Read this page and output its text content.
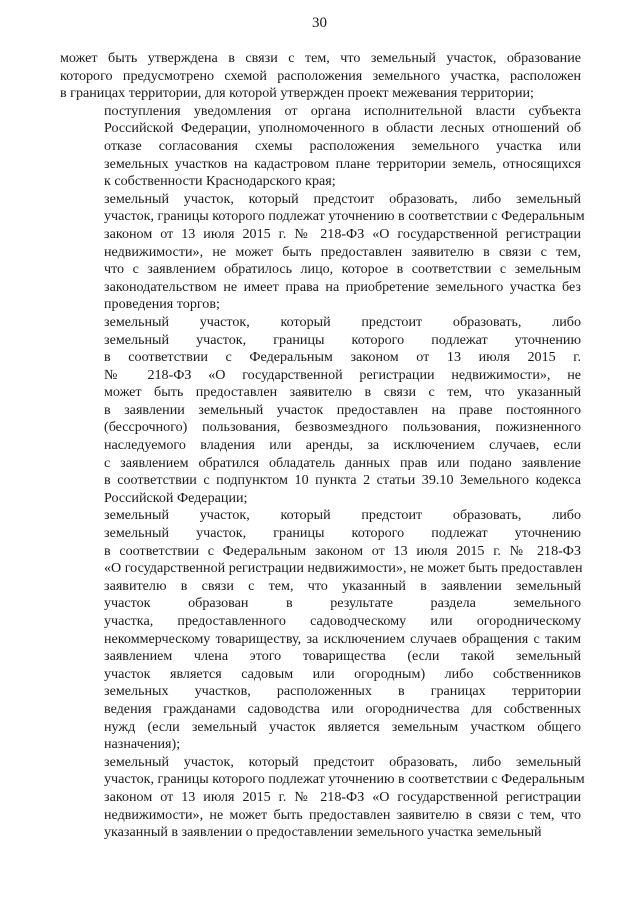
30

может быть утверждена в связи с тем, что земельный участок, образование
которого предусмотрено схемой расположения земельного участка, расположен
в границах территории, для которой утвержден проект межевания территории;

поступления уведомления от органа исполнительной власти субъекта
Российской Федерации, уполномоченного в области лесных отношений об
отказе согласования схемы расположения земельного участка или
земельных участков на кадастровом плане территории земель, относящихся
к собственности Краснодарского края;

земельный участок, который предстоит образовать, либо земельный
участок, границы которого подлежат уточнению в соответствии с Федеральным
законом от 13 июля 2015 г. № 218-ФЗ «О государственной регистрации
недвижимости», не может быть предоставлен заявителю в связи с тем,
что с заявлением обратилось лицо, которое в соответствии с земельным
законодательством не имеет права на приобретение земельного участка без
проведения торгов;

земельный участок, который предстоит образовать, либо
земельный участок, границы которого подлежат уточнению
в соответствии с Федеральным законом от 13 июля 2015 г.
№ 218-ФЗ «О государственной регистрации недвижимости», не
может быть предоставлен заявителю в связи с тем, что указанный
в заявлении земельный участок предоставлен на праве постоянного
(бессрочного) пользования, безвозмездного пользования, пожизненного
наследуемого владения или аренды, за исключением случаев, если
с заявлением обратился обладатель данных прав или подано заявление
в соответствии с подпунктом 10 пункта 2 статьи 39.10 Земельного кодекса
Российской Федерации;

земельный участок, который предстоит образовать, либо
земельный участок, границы которого подлежат уточнению
в соответствии с Федеральным законом от 13 июля 2015 г. № 218-ФЗ
«О государственной регистрации недвижимости», не может быть предоставлен
заявителю в связи с тем, что указанный в заявлении земельный
участок образован в результате раздела земельного
участка, предоставленного садоводческому или огородническому
некоммерческому товариществу, за исключением случаев обращения с таким
заявлением члена этого товарищества (если такой земельный
участок является садовым или огородным) либо собственников
земельных участков, расположенных в границах территории
ведения гражданами садоводства или огородничества для собственных
нужд (если земельный участок является земельным участком общего
назначения);

земельный участок, который предстоит образовать, либо земельный
участок, границы которого подлежат уточнению в соответствии с Федеральным
законом от 13 июля 2015 г. № 218-ФЗ «О государственной регистрации
недвижимости», не может быть предоставлен заявителю в связи с тем, что
указанный в заявлении о предоставлении земельного участка земельный
